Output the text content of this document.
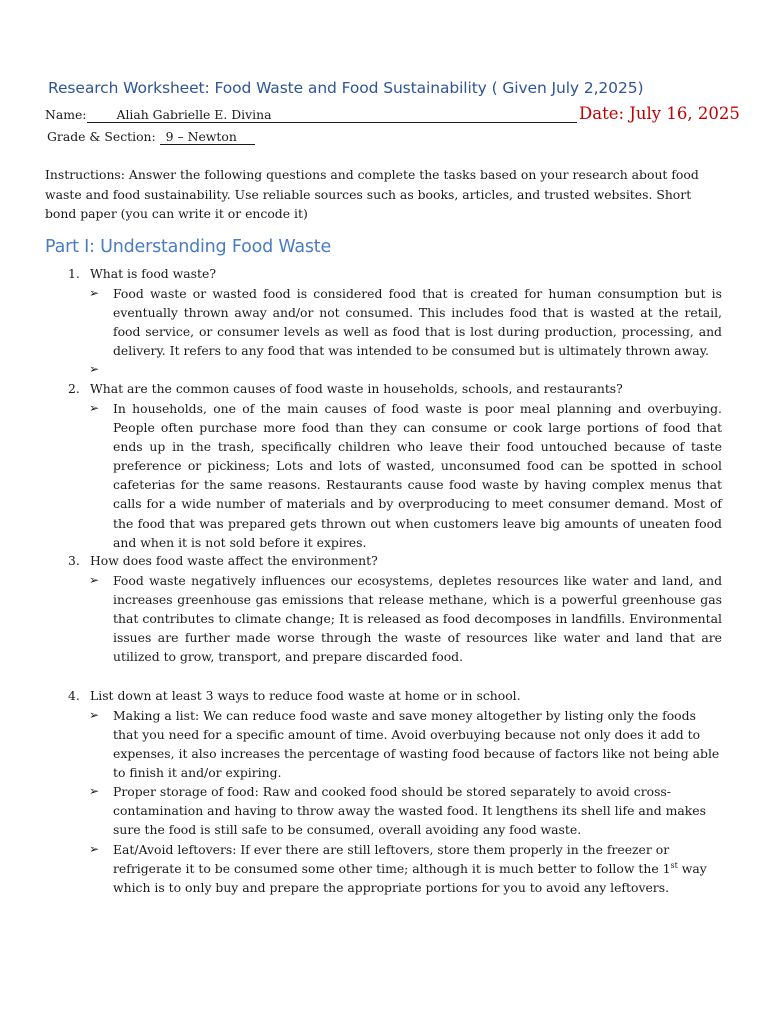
Research Worksheet: Food Waste and Food Sustainability ( Given July 2,2025)
Name: Aliah Gabrielle E. Divina	Date: July 16, 2025
Grade & Section: 9 – Newton
Instructions: Answer the following questions and complete the tasks based on your research about food waste and food sustainability. Use reliable sources such as books, articles, and trusted websites. Short bond paper (you can write it or encode it)
Part I: Understanding Food Waste
1. What is food waste?
➢	Food waste or wasted food is considered food that is created for human consumption but is eventually thrown away and/or not consumed. This includes food that is wasted at the retail, food service, or consumer levels as well as food that is lost during production, processing, and delivery. It refers to any food that was intended to be consumed but is ultimately thrown away.
➢
2. What are the common causes of food waste in households, schools, and restaurants?
➢	In households, one of the main causes of food waste is poor meal planning and overbuying. People often purchase more food than they can consume or cook large portions of food that ends up in the trash, specifically children who leave their food untouched because of taste preference or pickiness; Lots and lots of wasted, unconsumed food can be spotted in school cafeterias for the same reasons. Restaurants cause food waste by having complex menus that calls for a wide number of materials and by overproducing to meet consumer demand. Most of the food that was prepared gets thrown out when customers leave big amounts of uneaten food and when it is not sold before it expires.
3. How does food waste affect the environment?
➢	Food waste negatively influences our ecosystems, depletes resources like water and land, and increases greenhouse gas emissions that release methane, which is a powerful greenhouse gas that contributes to climate change; It is released as food decomposes in landfills. Environmental issues are further made worse through the waste of resources like water and land that are utilized to grow, transport, and prepare discarded food.
4. List down at least 3 ways to reduce food waste at home or in school.
➢	Making a list: We can reduce food waste and save money altogether by listing only the foods that you need for a specific amount of time. Avoid overbuying because not only does it add to expenses, it also increases the percentage of wasting food because of factors like not being able to finish it and/or expiring.
➢	Proper storage of food: Raw and cooked food should be stored separately to avoid cross-contamination and having to throw away the wasted food. It lengthens its shell life and makes sure the food is still safe to be consumed, overall avoiding any food waste.
➢	Eat/Avoid leftovers: If ever there are still leftovers, store them properly in the freezer or refrigerate it to be consumed some other time; although it is much better to follow the 1st way which is to only buy and prepare the appropriate portions for you to avoid any leftovers.
